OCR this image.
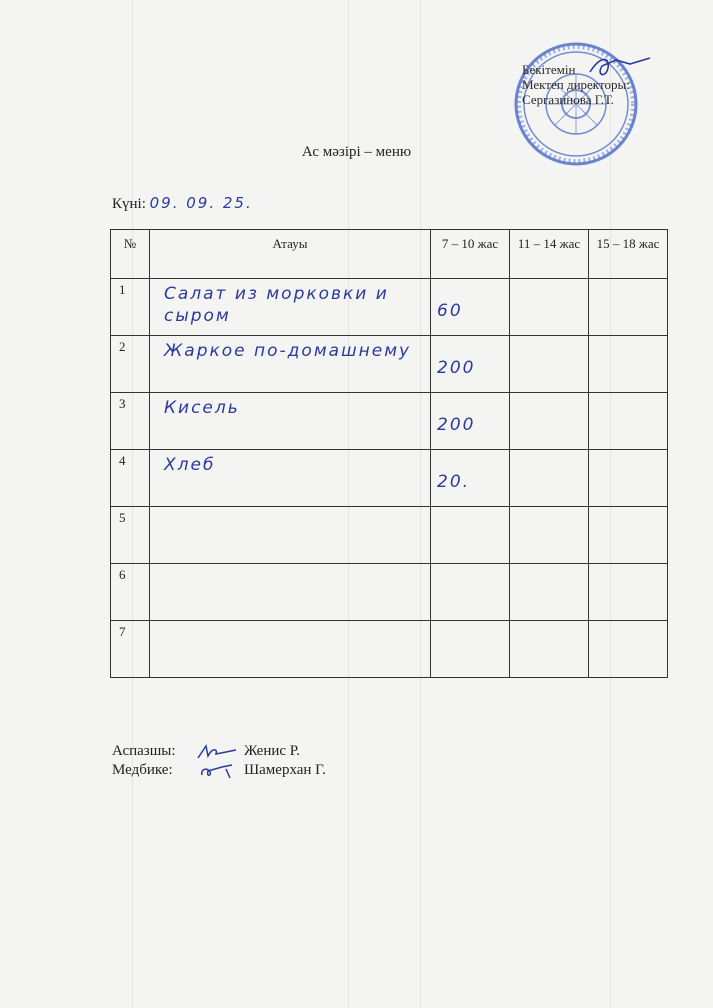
Бекітемін
Мектеп директоры:
Сергазинова Г.Т.
Ас мәзірі – меню
Күні: 09. 09. 25.
№	Атауы	7 – 10 жас	11 – 14 жас	15 – 18 жас

1	Салат из морковки и сыром	60		

2	Жаркое по-домашнему	200		

3	Кисель	200		

4	Хлеб	20.		

5				

6				

7				

Аспазшы:	Женис Р.
Медбике:	Шамерхан Г.
